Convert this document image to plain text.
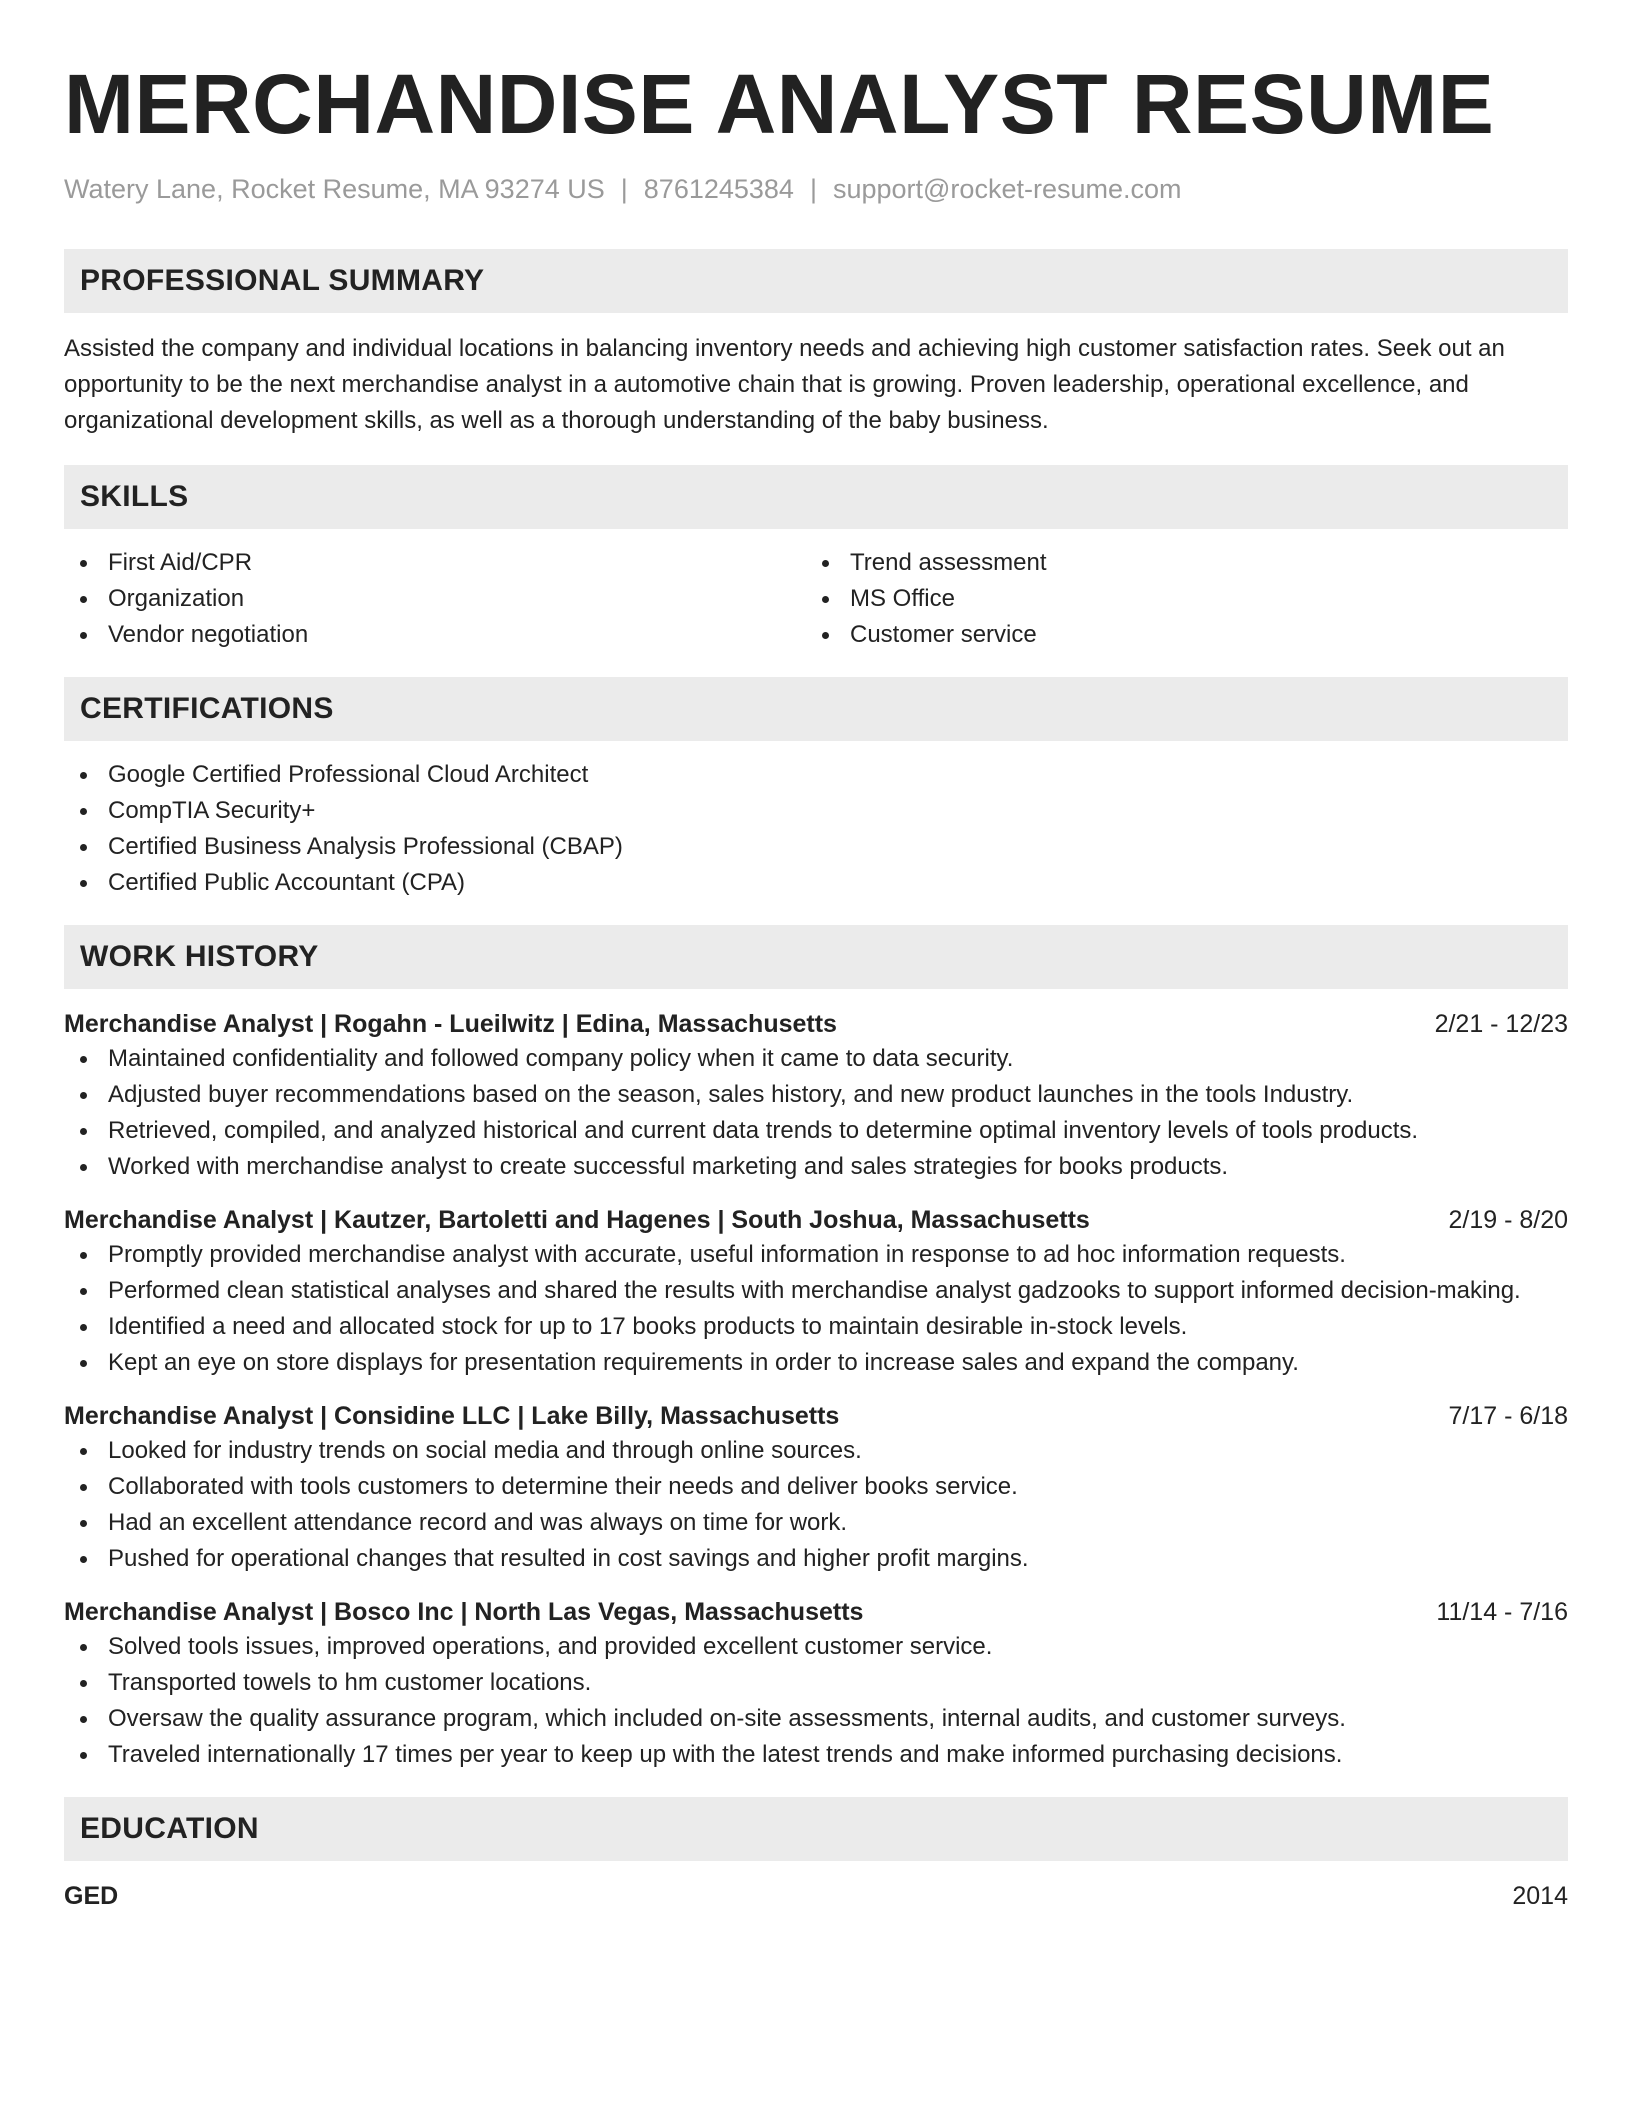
MERCHANDISE ANALYST RESUME
Watery Lane, Rocket Resume, MA 93274 US | 8761245384 | support@rocket-resume.com
PROFESSIONAL SUMMARY
Assisted the company and individual locations in balancing inventory needs and achieving high customer satisfaction rates. Seek out an opportunity to be the next merchandise analyst in a automotive chain that is growing. Proven leadership, operational excellence, and organizational development skills, as well as a thorough understanding of the baby business.
SKILLS
First Aid/CPR
Organization
Vendor negotiation
Trend assessment
MS Office
Customer service
CERTIFICATIONS
Google Certified Professional Cloud Architect
CompTIA Security+
Certified Business Analysis Professional (CBAP)
Certified Public Accountant (CPA)
WORK HISTORY
Merchandise Analyst | Rogahn - Lueilwitz | Edina, Massachusetts	2/21 - 12/23
Maintained confidentiality and followed company policy when it came to data security.
Adjusted buyer recommendations based on the season, sales history, and new product launches in the tools Industry.
Retrieved, compiled, and analyzed historical and current data trends to determine optimal inventory levels of tools products.
Worked with merchandise analyst to create successful marketing and sales strategies for books products.
Merchandise Analyst | Kautzer, Bartoletti and Hagenes | South Joshua, Massachusetts	2/19 - 8/20
Promptly provided merchandise analyst with accurate, useful information in response to ad hoc information requests.
Performed clean statistical analyses and shared the results with merchandise analyst gadzooks to support informed decision-making.
Identified a need and allocated stock for up to 17 books products to maintain desirable in-stock levels.
Kept an eye on store displays for presentation requirements in order to increase sales and expand the company.
Merchandise Analyst | Considine LLC | Lake Billy, Massachusetts	7/17 - 6/18
Looked for industry trends on social media and through online sources.
Collaborated with tools customers to determine their needs and deliver books service.
Had an excellent attendance record and was always on time for work.
Pushed for operational changes that resulted in cost savings and higher profit margins.
Merchandise Analyst | Bosco Inc | North Las Vegas, Massachusetts	11/14 - 7/16
Solved tools issues, improved operations, and provided excellent customer service.
Transported towels to hm customer locations.
Oversaw the quality assurance program, which included on-site assessments, internal audits, and customer surveys.
Traveled internationally 17 times per year to keep up with the latest trends and make informed purchasing decisions.
EDUCATION
GED	2014
